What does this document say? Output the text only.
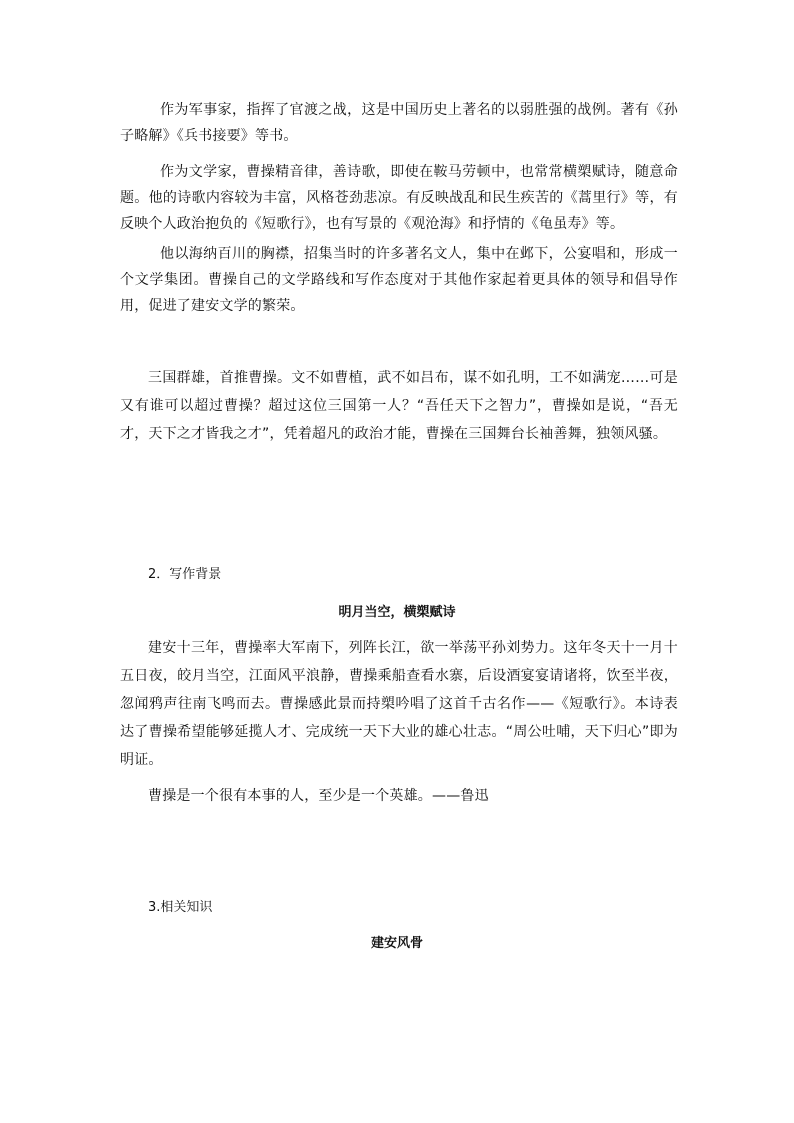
作为军事家，指挥了官渡之战，这是中国历史上著名的以弱胜强的战例。著有《孙子略解》《兵书接要》等书。

作为文学家，曹操精音律，善诗歌，即使在鞍马劳顿中，也常常横槊赋诗，随意命题。他的诗歌内容较为丰富，风格苍劲悲凉。有反映战乱和民生疾苦的《蒿里行》等，有反映个人政治抱负的《短歌行》，也有写景的《观沧海》和抒情的《龟虽寿》等。

他以海纳百川的胸襟，招集当时的许多著名文人，集中在邺下，公宴唱和，形成一个文学集团。曹操自己的文学路线和写作态度对于其他作家起着更具体的领导和倡导作用，促进了建安文学的繁荣。

三国群雄，首推曹操。文不如曹植，武不如吕布，谋不如孔明，工不如满宠……可是又有谁可以超过曹操？超过这位三国第一人？“吾任天下之智力”，曹操如是说，“吾无才，天下之才皆我之才”，凭着超凡的政治才能，曹操在三国舞台长袖善舞，独领风骚。

2．写作背景

明月当空，横槊赋诗

建安十三年，曹操率大军南下，列阵长江，欲一举荡平孙刘势力。这年冬天十一月十五日夜，皎月当空，江面风平浪静，曹操乘船查看水寨，后设酒宴宴请诸将，饮至半夜，忽闻鸦声往南飞鸣而去。曹操感此景而持槊吟唱了这首千古名作——《短歌行》。本诗表达了曹操希望能够延揽人才、完成统一天下大业的雄心壮志。“周公吐哺，天下归心”即为明证。

曹操是一个很有本事的人，至少是一个英雄。——鲁迅

3.相关知识

建安风骨
